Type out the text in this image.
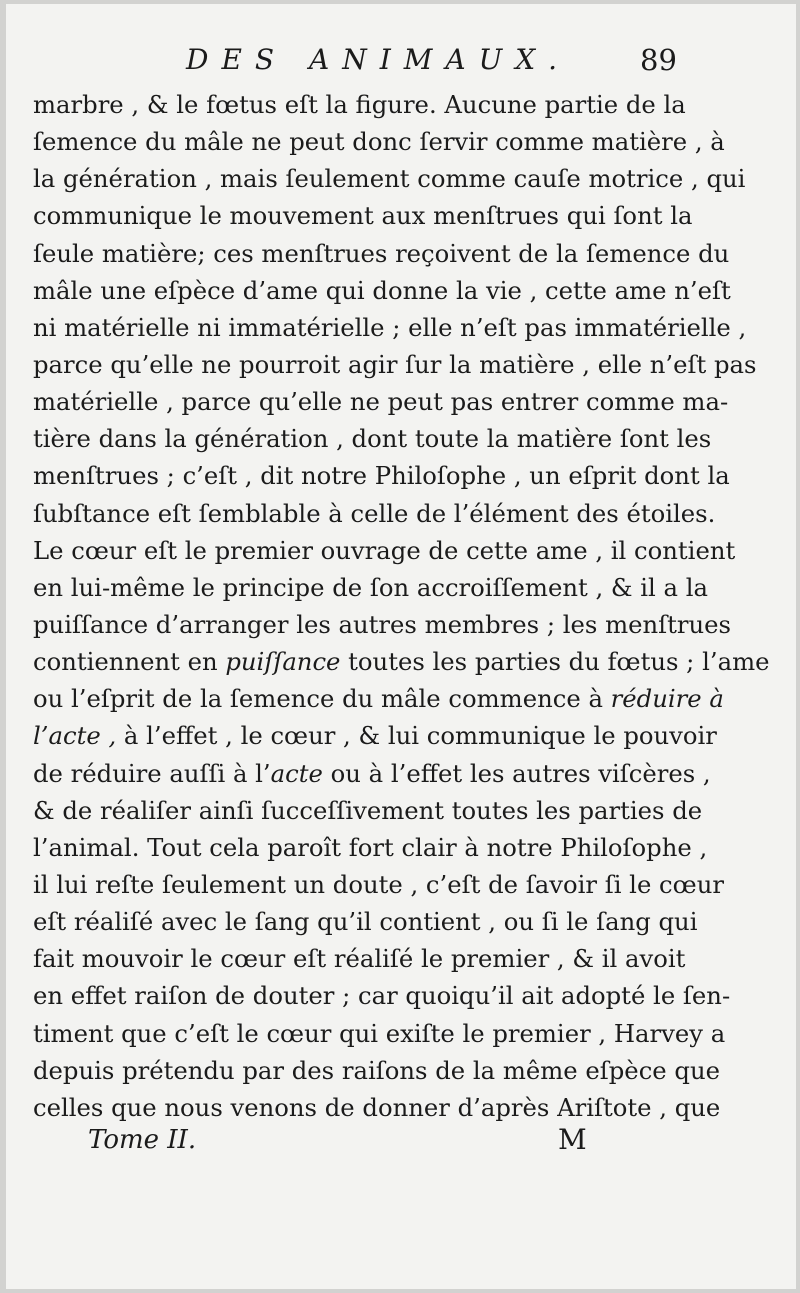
DES ANIMAUX. 89
marbre , & le fœtus eſt la figure. Aucune partie de la
ſemence du mâle ne peut donc ſervir comme matière , à
la génération , mais ſeulement comme cauſe motrice , qui
communique le mouvement aux menſtrues qui ſont la
ſeule matière; ces menſtrues reçoivent de la ſemence du
mâle une eſpèce d’ame qui donne la vie , cette ame n’eſt
ni matérielle ni immatérielle ; elle n’eſt pas immatérielle ,
parce qu’elle ne pourroit agir ſur la matière , elle n’eſt pas
matérielle , parce qu’elle ne peut pas entrer comme ma-
tière dans la génération , dont toute la matière ſont les
menſtrues ; c’eſt , dit notre Philoſophe , un eſprit dont la
ſubſtance eſt ſemblable à celle de l’élément des étoiles.
Le cœur eſt le premier ouvrage de cette ame , il contient
en lui-même le principe de ſon accroiſſement , & il a la
puiſſance d’arranger les autres membres ; les menſtrues
contiennent en puiſſance toutes les parties du fœtus ; l’ame
ou l’eſprit de la ſemence du mâle commence à réduire à
l’acte , à l’effet , le cœur , & lui communique le pouvoir
de réduire auſſi à l’acte ou à l’effet les autres viſcères ,
& de réaliſer ainſi ſucceſſivement toutes les parties de
l’animal. Tout cela paroît fort clair à notre Philoſophe ,
il lui reſte ſeulement un doute , c’eſt de ſavoir ſi le cœur
eſt réaliſé avec le ſang qu’il contient , ou ſi le ſang qui
fait mouvoir le cœur eſt réaliſé le premier , & il avoit
en effet raiſon de douter ; car quoiqu’il ait adopté le ſen-
timent que c’eſt le cœur qui exiſte le premier , Harvey a
depuis prétendu par des raiſons de la même eſpèce que
celles que nous venons de donner d’après Ariſtote , que
Tome II.	M
